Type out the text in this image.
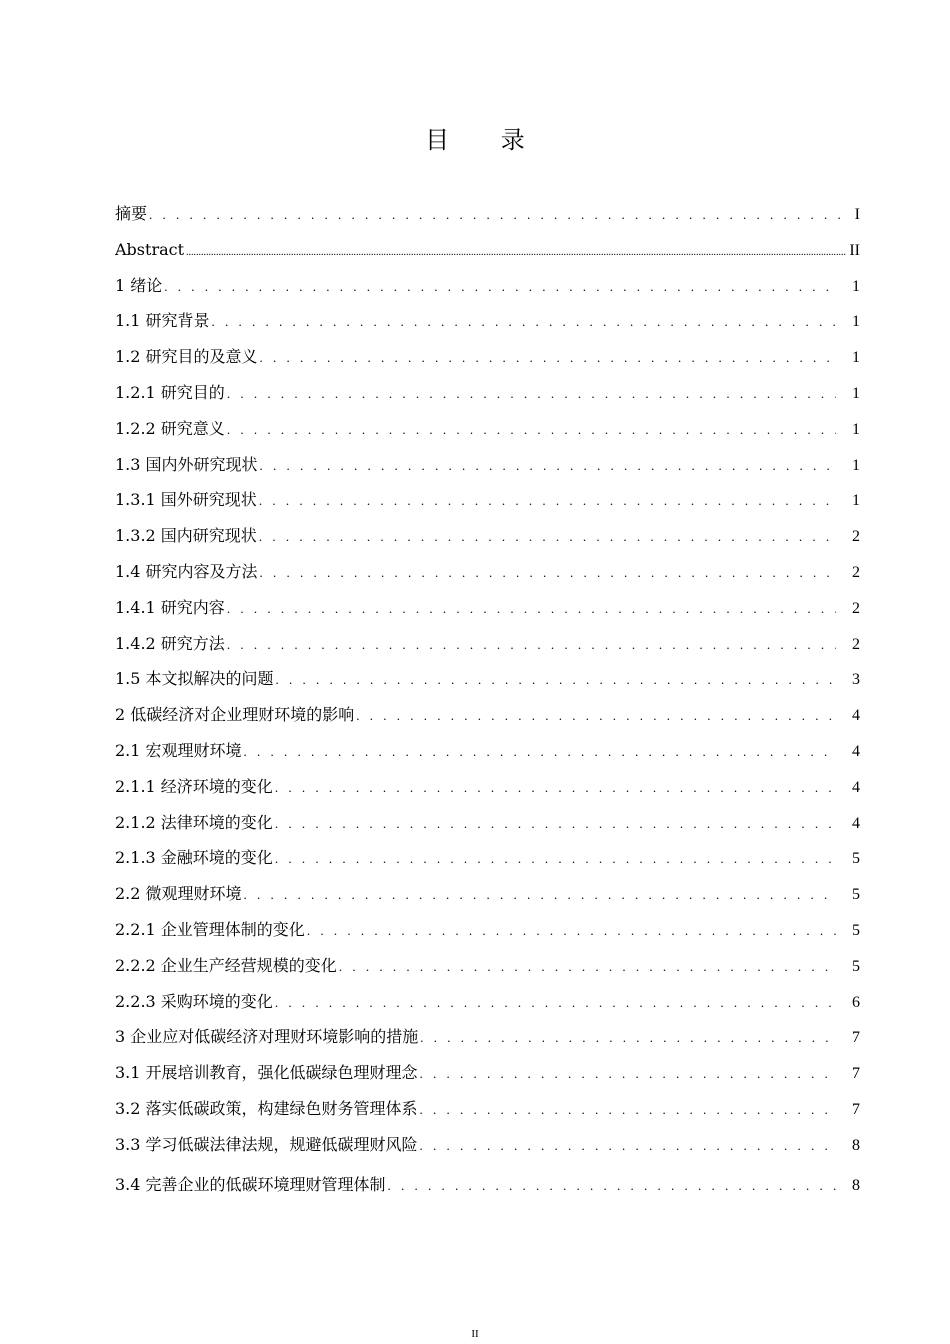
目 录
摘要 . . .	I
Abstract .....	II
1 绪论 . . .	1
1.1 研究背景 . . .	1
1.2 研究目的及意义 . . .	1
1.2.1 研究目的 . . .	1
1.2.2 研究意义 . . .	1
1.3 国内外研究现状 . . .	1
1.3.1 国外研究现状 . . .	1
1.3.2 国内研究现状 . . .	2
1.4 研究内容及方法 . . .	2
1.4.1 研究内容 . . .	2
1.4.2 研究方法 . . .	2
1.5 本文拟解决的问题 . . .	3
2 低碳经济对企业理财环境的影响 . . .	4
2.1 宏观理财环境 . . .	4
2.1.1 经济环境的变化 . . .	4
2.1.2 法律环境的变化 . . .	4
2.1.3 金融环境的变化 . . .	5
2.2 微观理财环境 . . .	5
2.2.1 企业管理体制的变化 . . .	5
2.2.2 企业生产经营规模的变化 . . .	5
2.2.3 采购环境的变化 . . .	6
3 企业应对低碳经济对理财环境影响的措施 . . .	7
3.1 开展培训教育，强化低碳绿色理财理念 . . .	7
3.2 落实低碳政策，构建绿色财务管理体系 . . .	7
3.3 学习低碳法律法规，规避低碳理财风险 . . .	8
3.4 完善企业的低碳环境理财管理体制 . . .	8
II
